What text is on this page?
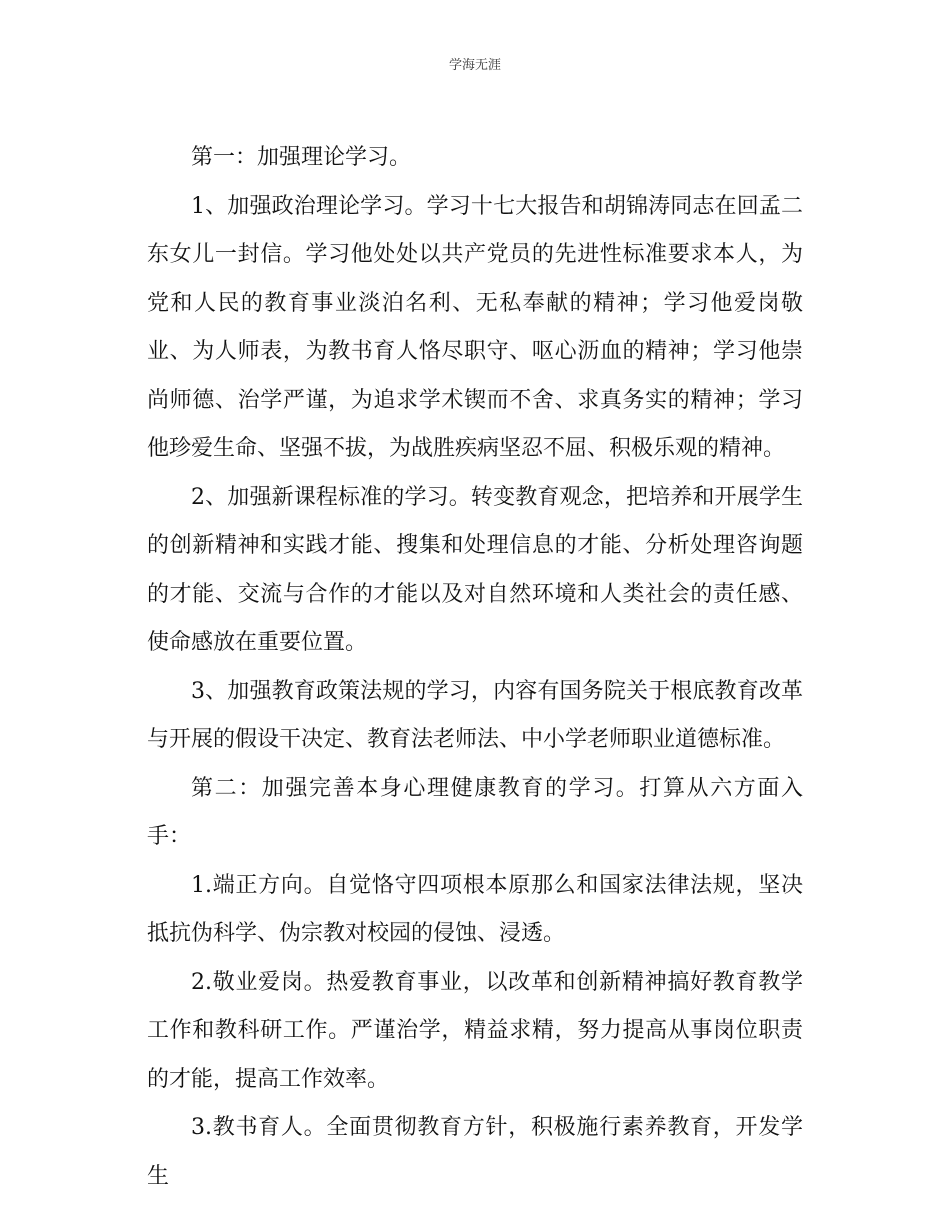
学海无涯

第一：加强理论学习。

1、加强政治理论学习。学习十七大报告和胡锦涛同志在回孟二东女儿一封信。学习他处处以共产党员的先进性标准要求本人，为党和人民的教育事业淡泊名利、无私奉献的精神；学习他爱岗敬业、为人师表，为教书育人恪尽职守、呕心沥血的精神；学习他崇尚师德、治学严谨，为追求学术锲而不舍、求真务实的精神；学习他珍爱生命、坚强不拔，为战胜疾病坚忍不屈、积极乐观的精神。

2、加强新课程标准的学习。转变教育观念，把培养和开展学生的创新精神和实践才能、搜集和处理信息的才能、分析处理咨询题的才能、交流与合作的才能以及对自然环境和人类社会的责任感、使命感放在重要位置。

3、加强教育政策法规的学习，内容有国务院关于根底教育改革与开展的假设干决定、教育法老师法、中小学老师职业道德标准。

第二：加强完善本身心理健康教育的学习。打算从六方面入手：

1.端正方向。自觉恪守四项根本原那么和国家法律法规，坚决抵抗伪科学、伪宗教对校园的侵蚀、浸透。

2.敬业爱岗。热爱教育事业，以改革和创新精神搞好教育教学工作和教科研工作。严谨治学，精益求精，努力提高从事岗位职责的才能，提高工作效率。

3.教书育人。全面贯彻教育方针，积极施行素养教育，开发学生
